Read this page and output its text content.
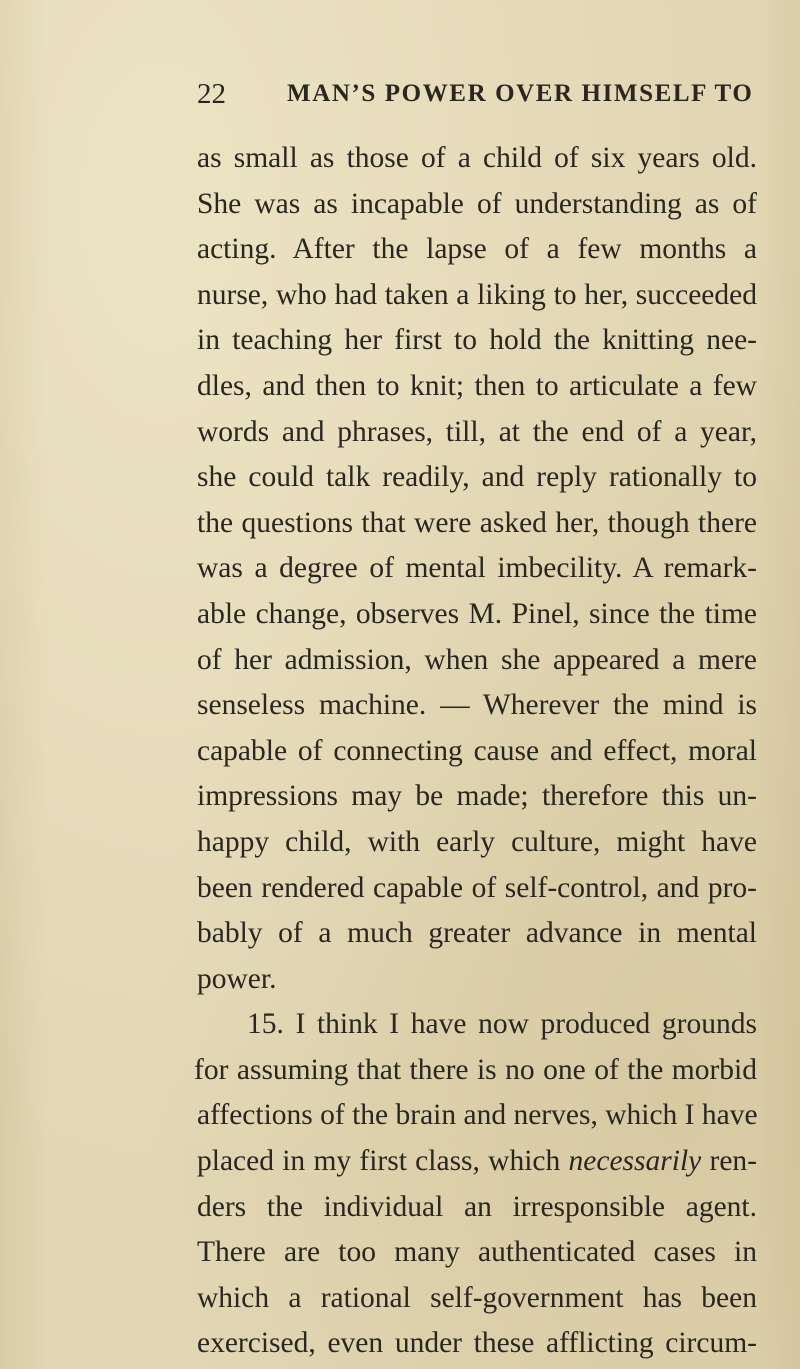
22 MAN’S POWER OVER HIMSELF TO
as small as those of a child of six years old.
She was as incapable of understanding as of
acting. After the lapse of a few months a
nurse, who had taken a liking to her, succeeded
in teaching her first to hold the knitting nee-
dles, and then to knit; then to articulate a few
words and phrases, till, at the end of a year,
she could talk readily, and reply rationally to
the questions that were asked her, though there
was a degree of mental imbecility. A remark-
able change, observes M. Pinel, since the time
of her admission, when she appeared a mere
senseless machine. — Wherever the mind is
capable of connecting cause and effect, moral
impressions may be made; therefore this un-
happy child, with early culture, might have
been rendered capable of self-control, and pro-
bably of a much greater advance in mental
power.
15. I think I have now produced grounds
for assuming that there is no one of the morbid
affections of the brain and nerves, which I have
placed in my first class, which necessarily ren-
ders the individual an irresponsible agent.
There are too many authenticated cases in
which a rational self-government has been
exercised, even under these afflicting circum-
